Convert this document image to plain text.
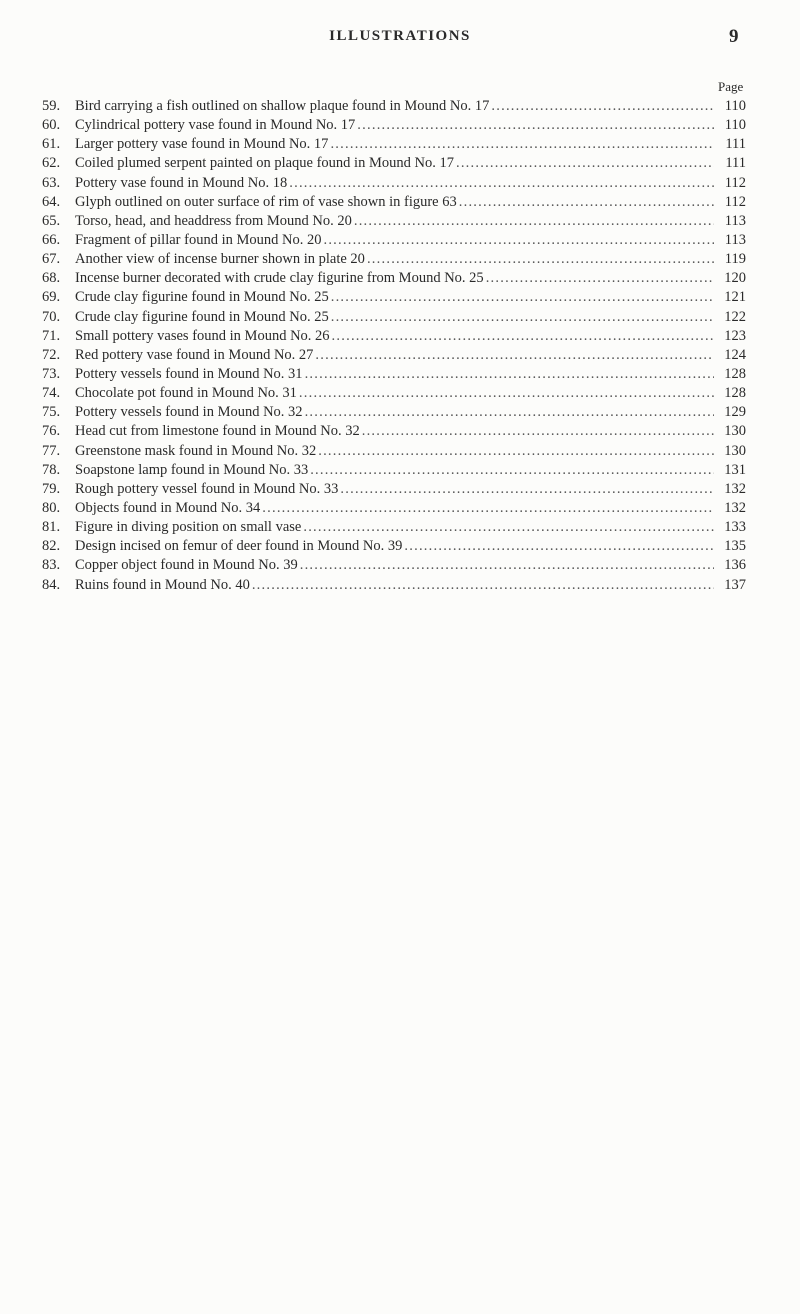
ILLUSTRATIONS	9
Page
59.	Bird carrying a fish outlined on shallow plaque found in Mound No. 17 . . .	110
60.	Cylindrical pottery vase found in Mound No. 17 . . .	110
61.	Larger pottery vase found in Mound No. 17 . . .	111
62.	Coiled plumed serpent painted on plaque found in Mound No. 17 . . .	111
63.	Pottery vase found in Mound No. 18 . . .	112
64.	Glyph outlined on outer surface of rim of vase shown in figure 63 . . .	112
65.	Torso, head, and headdress from Mound No. 20 . . .	113
66.	Fragment of pillar found in Mound No. 20 . . .	113
67.	Another view of incense burner shown in plate 20 . . .	119
68.	Incense burner decorated with crude clay figurine from Mound No. 25 . . .	120
69.	Crude clay figurine found in Mound No. 25 . . .	121
70.	Crude clay figurine found in Mound No. 25 . . .	122
71.	Small pottery vases found in Mound No. 26 . . .	123
72.	Red pottery vase found in Mound No. 27 . . .	124
73.	Pottery vessels found in Mound No. 31 . . .	128
74.	Chocolate pot found in Mound No. 31 . . .	128
75.	Pottery vessels found in Mound No. 32 . . .	129
76.	Head cut from limestone found in Mound No. 32 . . .	130
77.	Greenstone mask found in Mound No. 32 . . .	130
78.	Soapstone lamp found in Mound No. 33 . . .	131
79.	Rough pottery vessel found in Mound No. 33 . . .	132
80.	Objects found in Mound No. 34 . . .	132
81.	Figure in diving position on small vase . . .	133
82.	Design incised on femur of deer found in Mound No. 39 . . .	135
83.	Copper object found in Mound No. 39 . . .	136
84.	Ruins found in Mound No. 40 . . .	137
